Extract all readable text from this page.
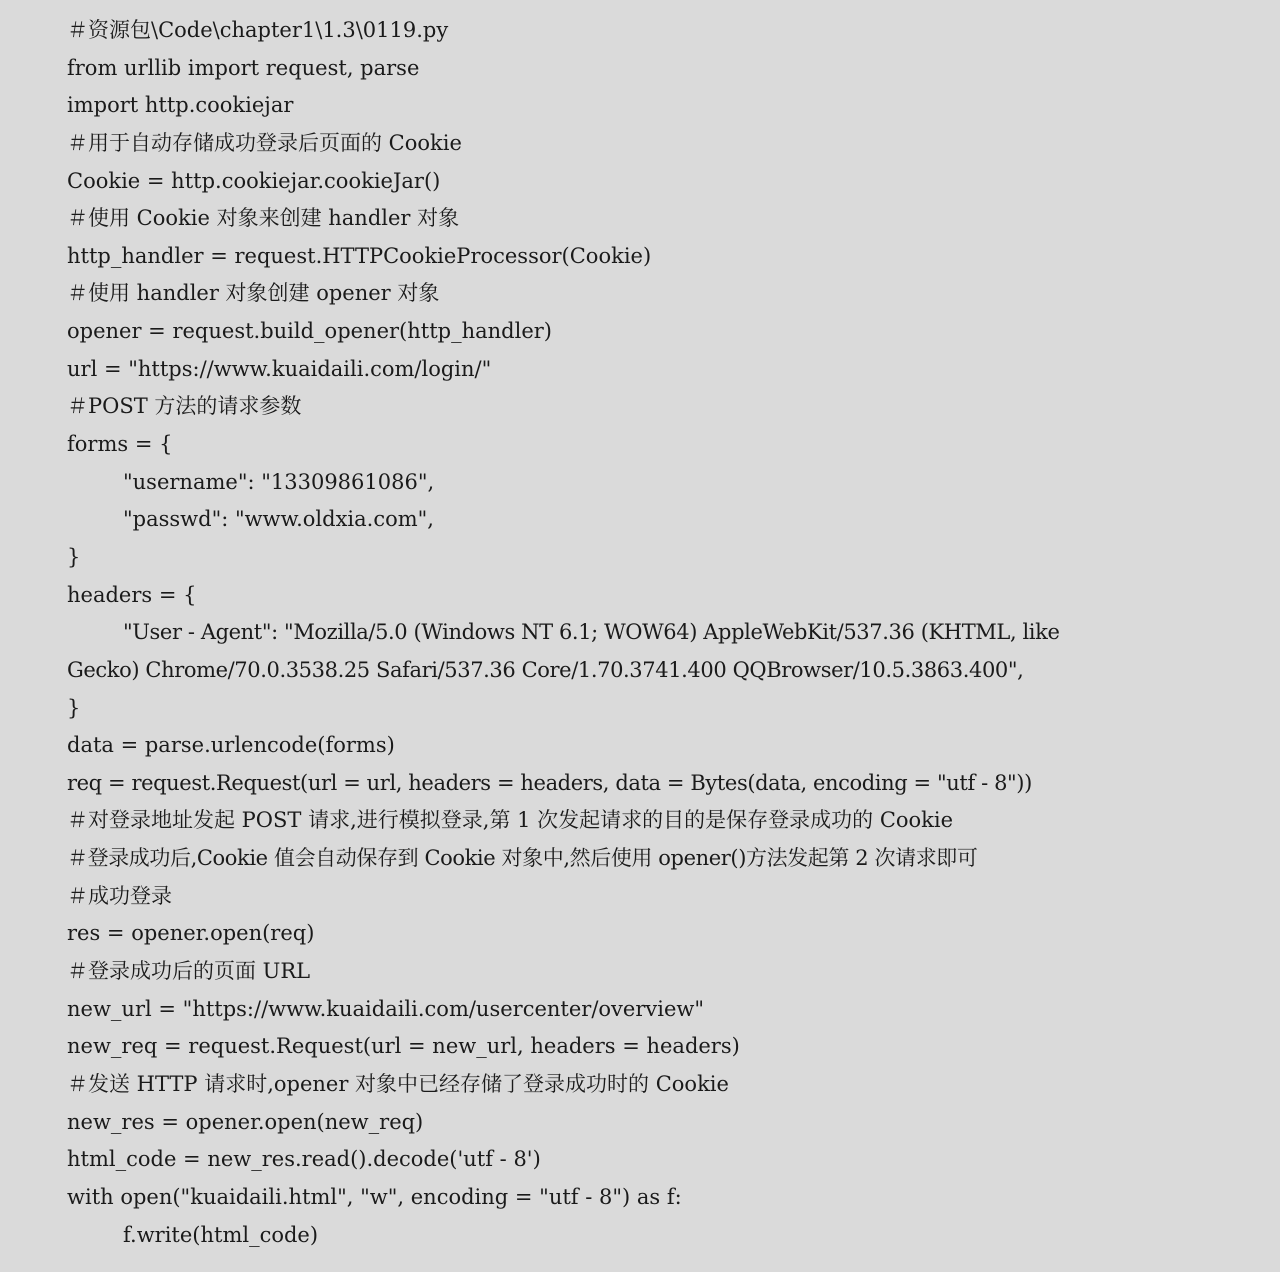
＃资源包\Code\chapter1\1.3\0119.py
from urllib import request, parse
import http.cookiejar
＃用于自动存储成功登录后页面的 Cookie
Cookie = http.cookiejar.cookieJar()
＃使用 Cookie 对象来创建 handler 对象
http_handler = request.HTTPCookieProcessor(Cookie)
＃使用 handler 对象创建 opener 对象
opener = request.build_opener(http_handler)
url = "https://www.kuaidaili.com/login/"
＃POST 方法的请求参数
forms = {
"username": "13309861086",
"passwd": "www.oldxia.com",
}
headers = {
"User - Agent": "Mozilla/5.0 (Windows NT 6.1; WOW64) AppleWebKit/537.36 (KHTML, like
Gecko) Chrome/70.0.3538.25 Safari/537.36 Core/1.70.3741.400 QQBrowser/10.5.3863.400",
}
data = parse.urlencode(forms)
req = request.Request(url = url, headers = headers, data = Bytes(data, encoding = "utf - 8"))
＃对登录地址发起 POST 请求,进行模拟登录,第 1 次发起请求的目的是保存登录成功的 Cookie
＃登录成功后,Cookie 值会自动保存到 Cookie 对象中,然后使用 opener()方法发起第 2 次请求即可
＃成功登录
res = opener.open(req)
＃登录成功后的页面 URL
new_url = "https://www.kuaidaili.com/usercenter/overview"
new_req = request.Request(url = new_url, headers = headers)
＃发送 HTTP 请求时,opener 对象中已经存储了登录成功时的 Cookie
new_res = opener.open(new_req)
html_code = new_res.read().decode('utf - 8')
with open("kuaidaili.html", "w", encoding = "utf - 8") as f:
f.write(html_code)
